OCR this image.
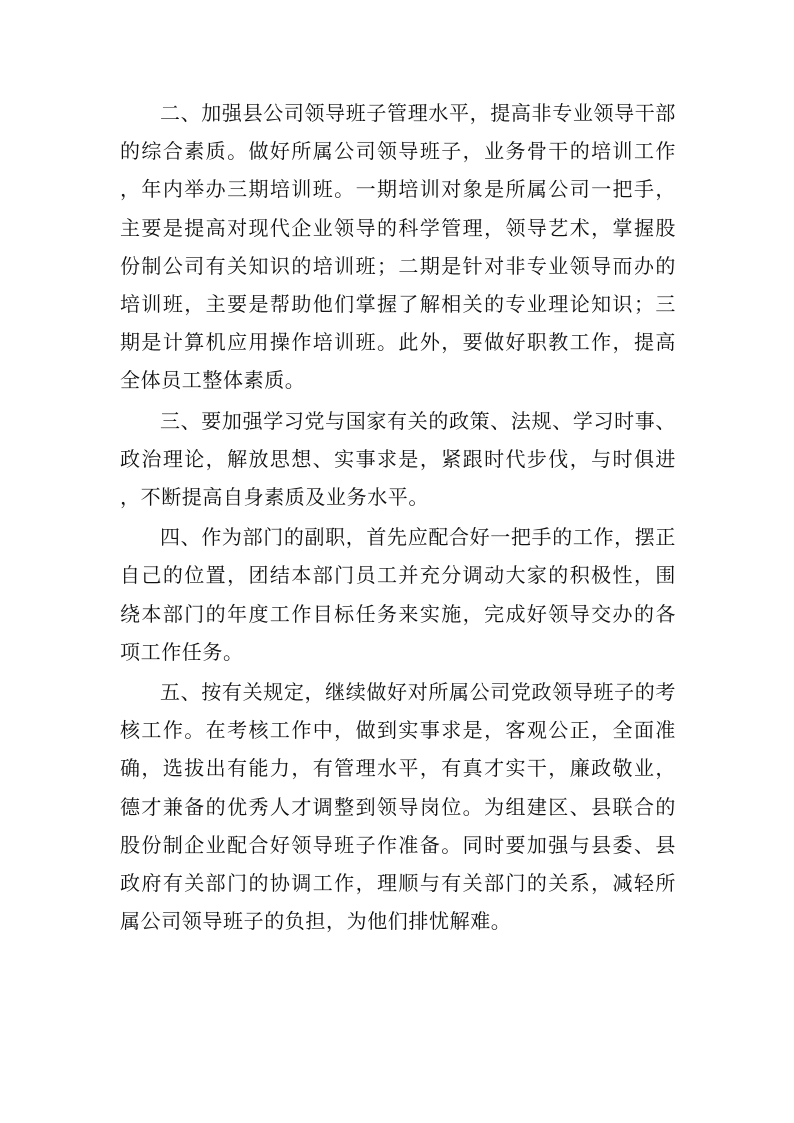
二、加强县公司领导班子管理水平，提高非专业领导干部的综合素质。做好所属公司领导班子，业务骨干的培训工作，年内举办三期培训班。一期培训对象是所属公司一把手，主要是提高对现代企业领导的科学管理，领导艺术，掌握股份制公司有关知识的培训班；二期是针对非专业领导而办的培训班，主要是帮助他们掌握了解相关的专业理论知识；三期是计算机应用操作培训班。此外，要做好职教工作，提高全体员工整体素质。

三、要加强学习党与国家有关的政策、法规、学习时事、政治理论，解放思想、实事求是，紧跟时代步伐，与时俱进，不断提高自身素质及业务水平。

四、作为部门的副职，首先应配合好一把手的工作，摆正自己的位置，团结本部门员工并充分调动大家的积极性，围绕本部门的年度工作目标任务来实施，完成好领导交办的各项工作任务。

五、按有关规定，继续做好对所属公司党政领导班子的考核工作。在考核工作中，做到实事求是，客观公正，全面准确，选拔出有能力，有管理水平，有真才实干，廉政敬业，德才兼备的优秀人才调整到领导岗位。为组建区、县联合的股份制企业配合好领导班子作准备。同时要加强与县委、县政府有关部门的协调工作，理顺与有关部门的关系，减轻所属公司领导班子的负担，为他们排忧解难。
